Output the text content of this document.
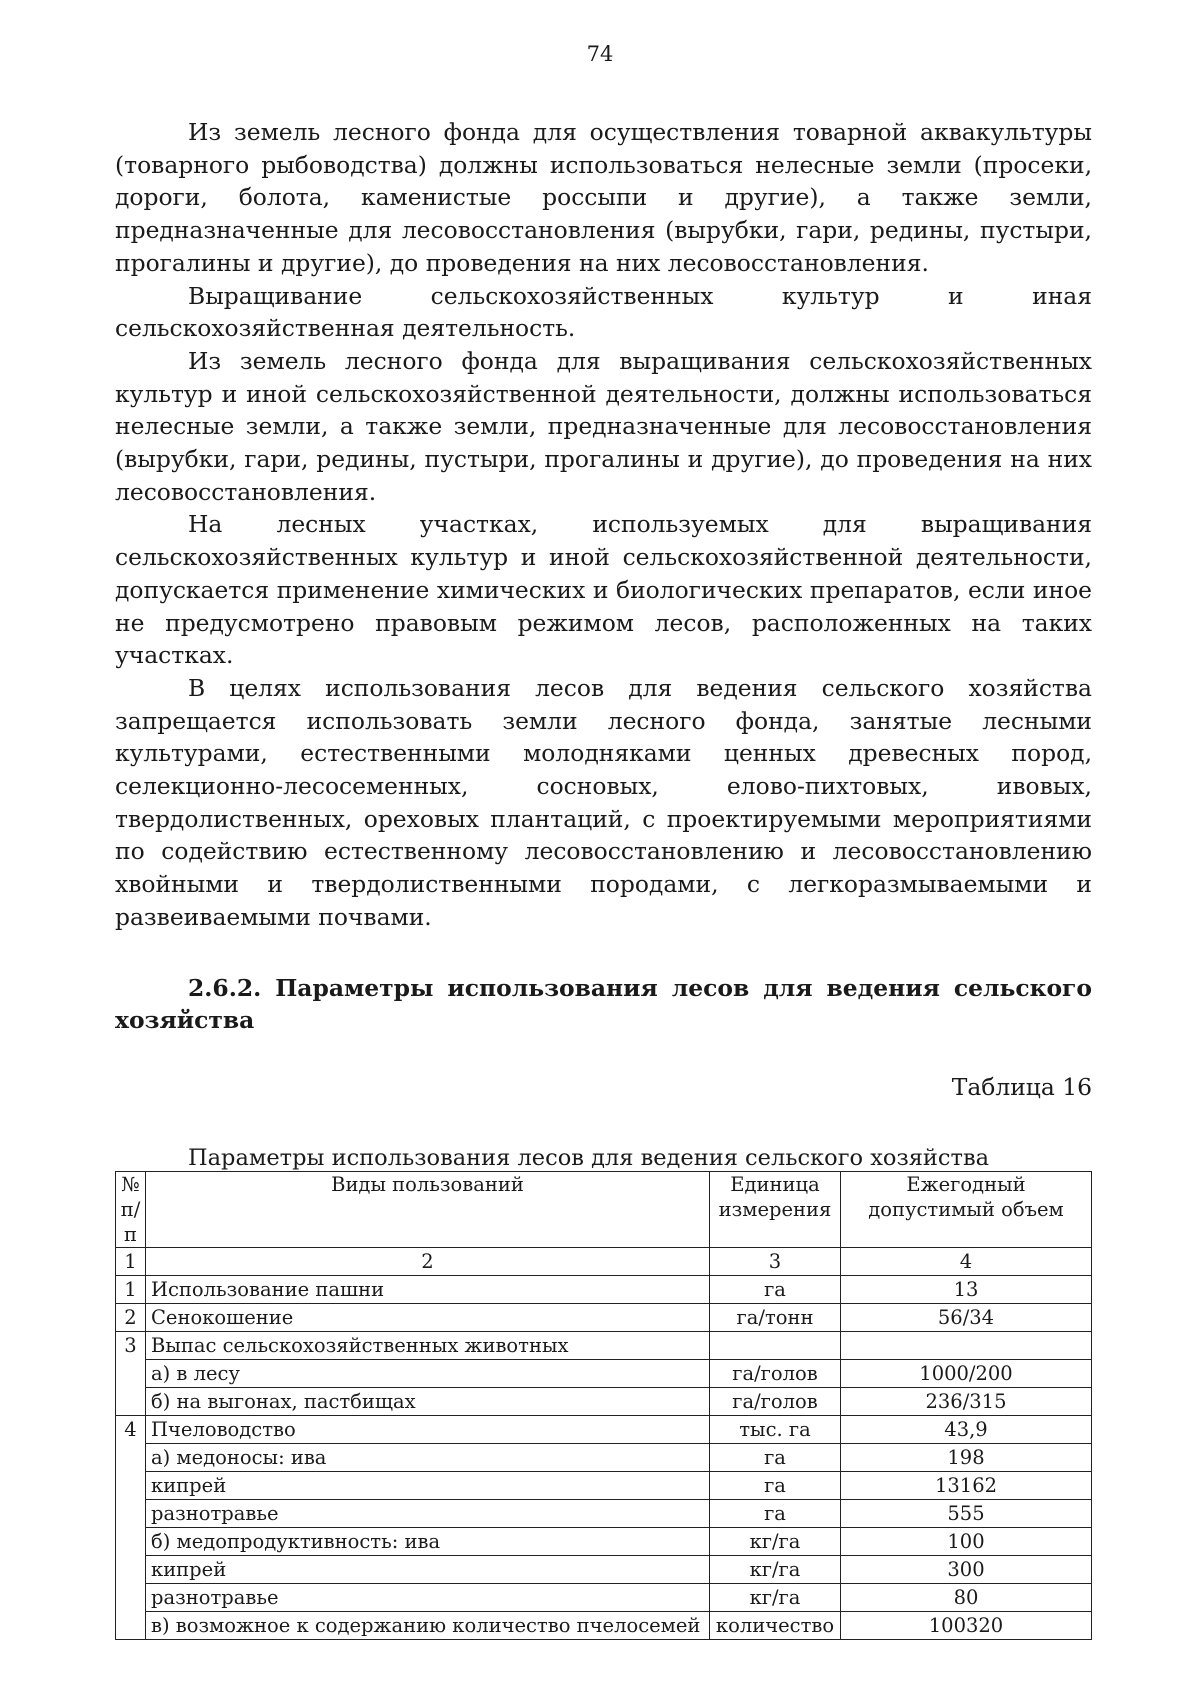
74

Из земель лесного фонда для осуществления товарной аквакультуры (товарного рыбоводства) должны использоваться нелесные земли (просеки, дороги, болота, каменистые россыпи и другие), а также земли, предназначенные для лесовосстановления (вырубки, гари, редины, пустыри, прогалины и другие), до проведения на них лесовосстановления.

Выращивание сельскохозяйственных культур и иная сельскохозяйственная деятельность.

Из земель лесного фонда для выращивания сельскохозяйственных культур и иной сельскохозяйственной деятельности, должны использоваться нелесные земли, а также земли, предназначенные для лесовосстановления (вырубки, гари, редины, пустыри, прогалины и другие), до проведения на них лесовосстановления.

На лесных участках, используемых для выращивания сельскохозяйственных культур и иной сельскохозяйственной деятельности, допускается применение химических и биологических препаратов, если иное не предусмотрено правовым режимом лесов, расположенных на таких участках.

В целях использования лесов для ведения сельского хозяйства запрещается использовать земли лесного фонда, занятые лесными культурами, естественными молодняками ценных древесных пород, селекционно-лесосеменных, сосновых, елово-пихтовых, ивовых, твердолиственных, ореховых плантаций, с проектируемыми мероприятиями по содействию естественному лесовосстановлению и лесовосстановлению хвойными и твердолиственными породами, с легкоразмываемыми и развеиваемыми почвами.

2.6.2. Параметры использования лесов для ведения сельского хозяйства

Таблица 16
Параметры использования лесов для ведения сельского хозяйства
№ п/п	Виды пользований	Единица измерения	Ежегодный допустимый объем
1	2	3	4
1	Использование пашни	га	13
2	Сенокошение	га/тонн	56/34
3	Выпас сельскохозяйственных животных		
	а) в лесу	га/голов	1000/200
	б) на выгонах, пастбищах	га/голов	236/315
4	Пчеловодство	тыс. га	43,9
	а) медоносы: ива	га	198
	кипрей	га	13162
	разнотравье	га	555
	б) медопродуктивность: ива	кг/га	100
	кипрей	кг/га	300
	разнотравье	кг/га	80
	в) возможное к содержанию количество пчелосемей	количество	100320
